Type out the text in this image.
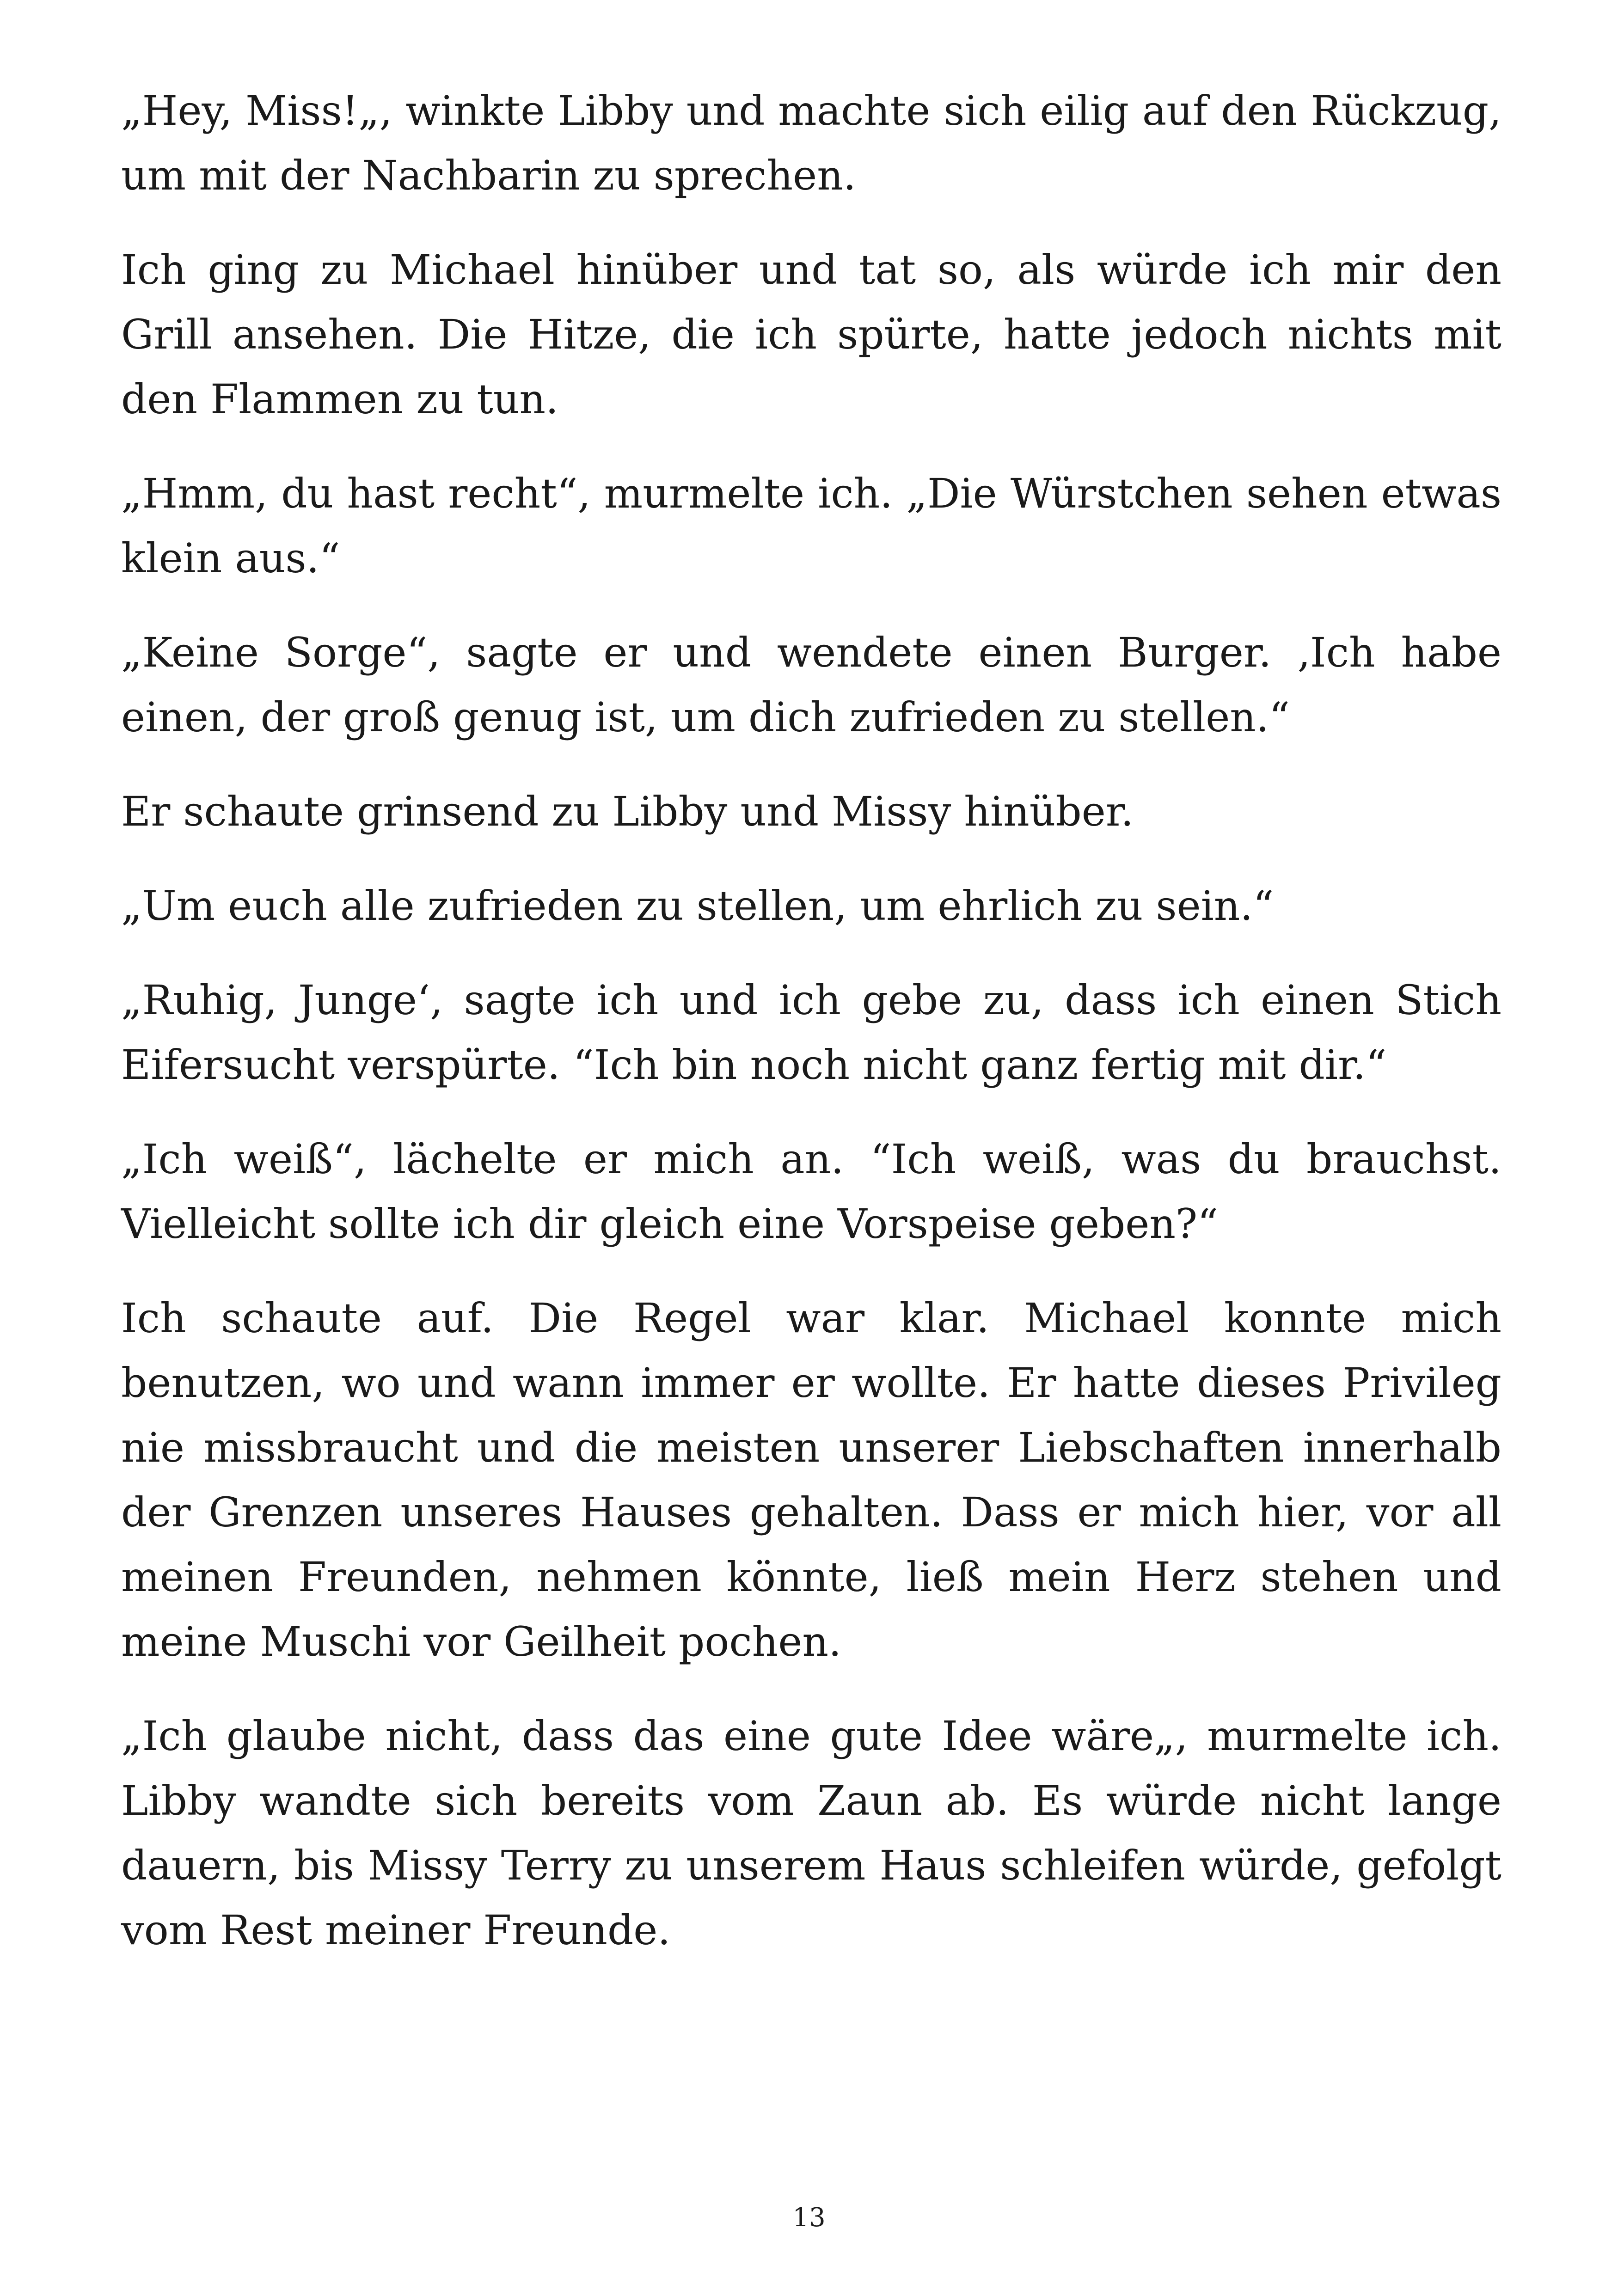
„Hey, Miss!„, winkte Libby und machte sich eilig auf den Rückzug, um mit der Nachbarin zu sprechen.

Ich ging zu Michael hinüber und tat so, als würde ich mir den Grill ansehen. Die Hitze, die ich spürte, hatte jedoch nichts mit den Flammen zu tun.

„Hmm, du hast recht“, murmelte ich. „Die Würstchen sehen etwas klein aus.“

„Keine Sorge“, sagte er und wendete einen Burger. ‚Ich habe einen, der groß genug ist, um dich zufrieden zu stellen.“

Er schaute grinsend zu Libby und Missy hinüber.

„Um euch alle zufrieden zu stellen, um ehrlich zu sein.“

„Ruhig, Junge‘, sagte ich und ich gebe zu, dass ich einen Stich Eifersucht verspürte. “Ich bin noch nicht ganz fertig mit dir.“

„Ich weiß“, lächelte er mich an. “Ich weiß, was du brauchst. Vielleicht sollte ich dir gleich eine Vorspeise geben?“

Ich schaute auf. Die Regel war klar. Michael konnte mich benutzen, wo und wann immer er wollte. Er hatte dieses Privileg nie missbraucht und die meisten unserer Liebschaften innerhalb der Grenzen unseres Hauses gehalten. Dass er mich hier, vor all meinen Freunden, nehmen könnte, ließ mein Herz stehen und meine Muschi vor Geilheit pochen.

„Ich glaube nicht, dass das eine gute Idee wäre„, murmelte ich. Libby wandte sich bereits vom Zaun ab. Es würde nicht lange dauern, bis Missy Terry zu unserem Haus schleifen würde, gefolgt vom Rest meiner Freunde.

13
